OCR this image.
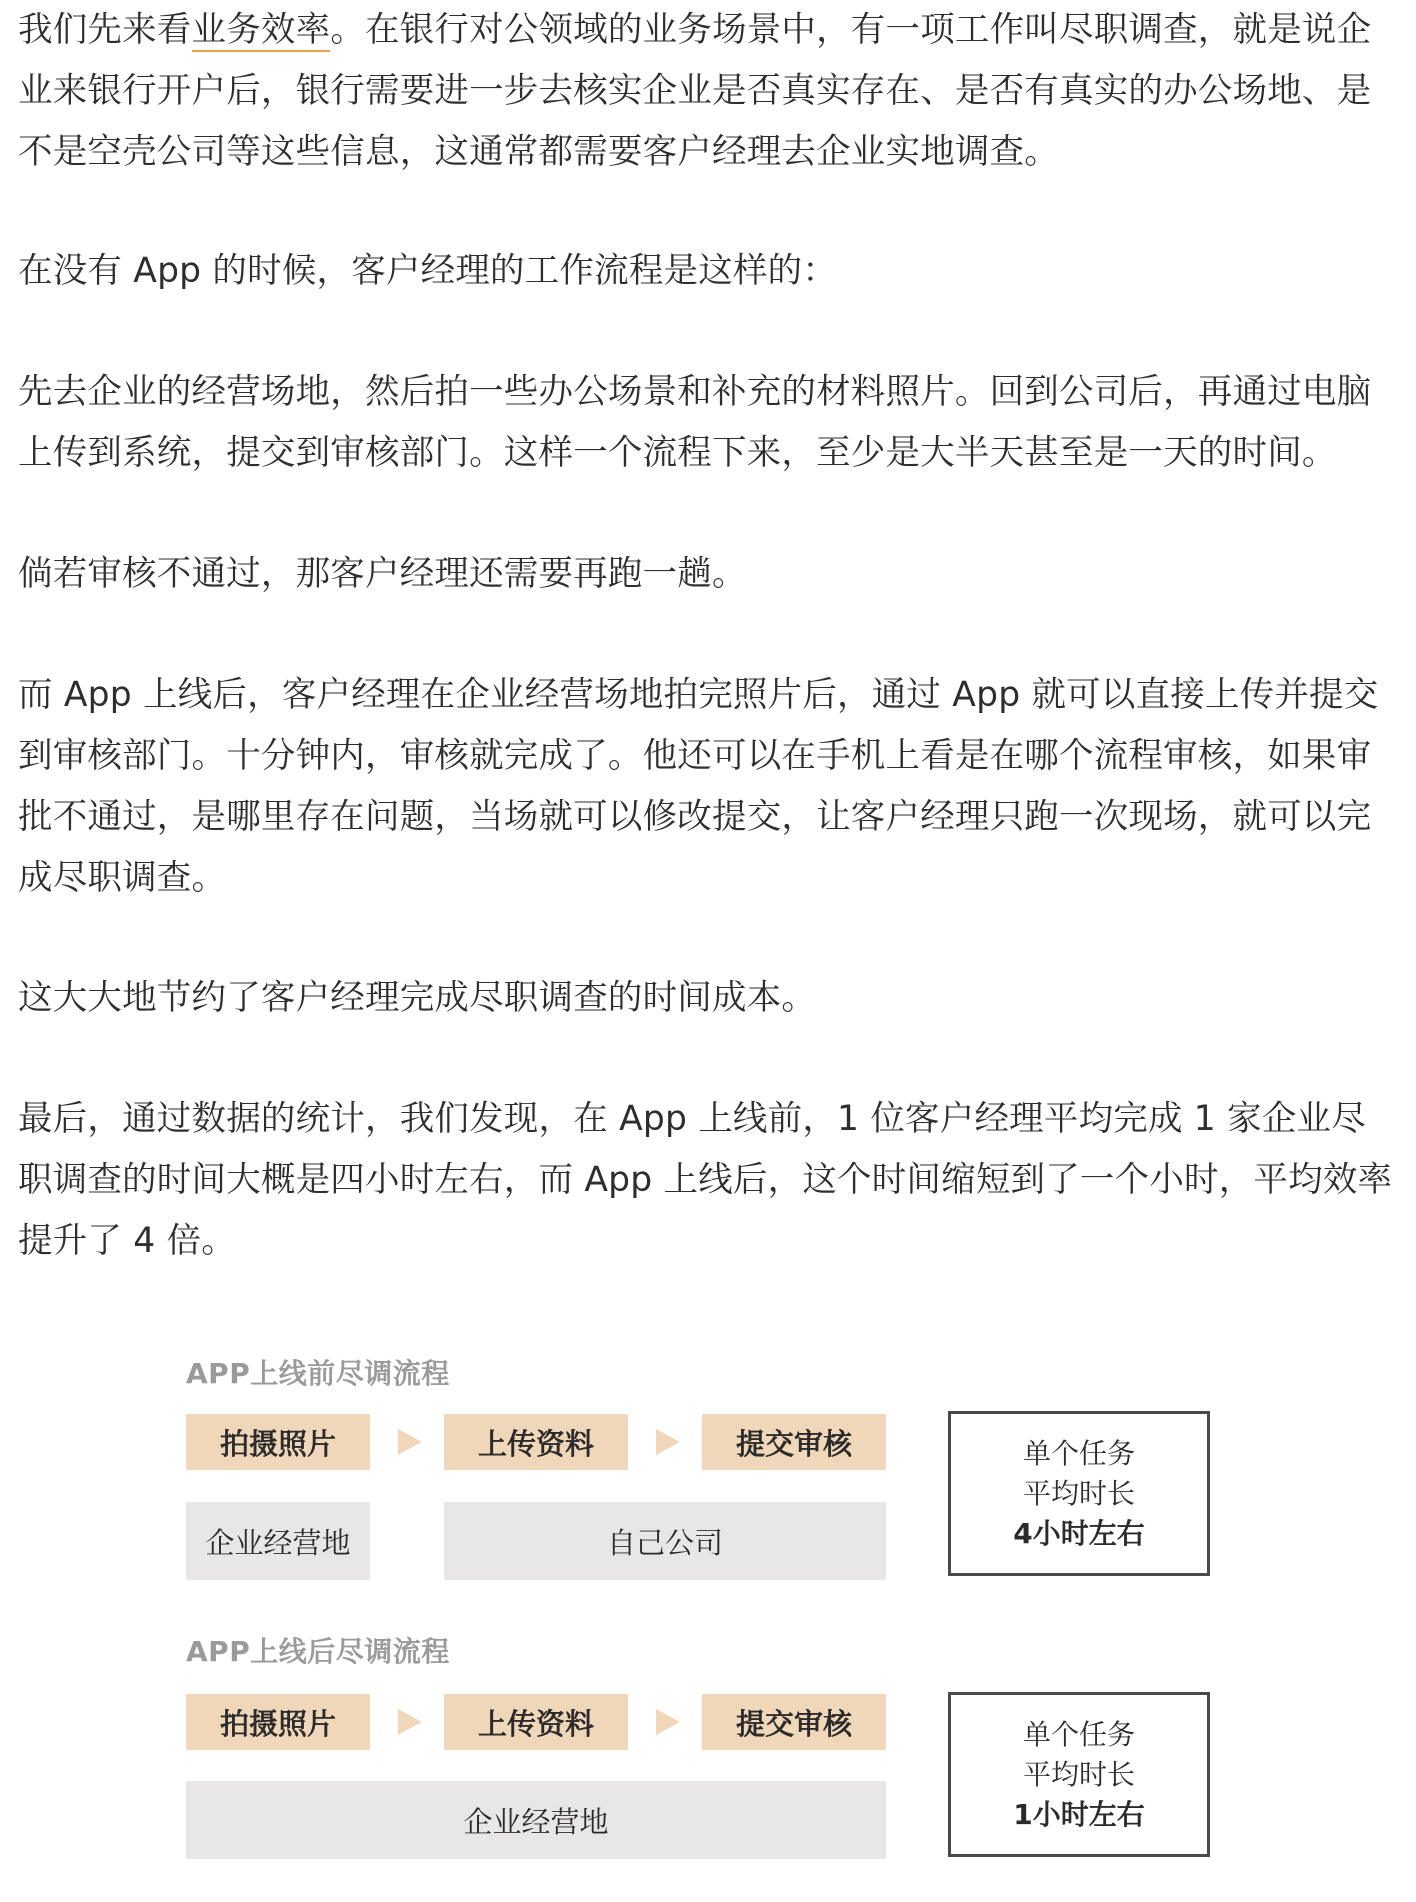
我们先来看业务效率。在银行对公领域的业务场景中，有一项工作叫尽职调查，就是说企业来银行开户后，银行需要进一步去核实企业是否真实存在、是否有真实的办公场地、是不是空壳公司等这些信息，这通常都需要客户经理去企业实地调查。

在没有 App 的时候，客户经理的工作流程是这样的：

先去企业的经营场地，然后拍一些办公场景和补充的材料照片。回到公司后，再通过电脑上传到系统，提交到审核部门。这样一个流程下来，至少是大半天甚至是一天的时间。

倘若审核不通过，那客户经理还需要再跑一趟。

而 App 上线后，客户经理在企业经营场地拍完照片后，通过 App 就可以直接上传并提交到审核部门。十分钟内，审核就完成了。他还可以在手机上看是在哪个流程审核，如果审批不通过，是哪里存在问题，当场就可以修改提交，让客户经理只跑一次现场，就可以完成尽职调查。

这大大地节约了客户经理完成尽职调查的时间成本。

最后，通过数据的统计，我们发现，在 App 上线前，1 位客户经理平均完成 1 家企业尽职调查的时间大概是四小时左右，而 App 上线后，这个时间缩短到了一个小时，平均效率提升了 4 倍。

APP上线前尽调流程
拍摄照片	上传资料	提交审核
企业经营地	自己公司
单个任务
平均时长
4小时左右
APP上线后尽调流程
拍摄照片	上传资料	提交审核
企业经营地
单个任务
平均时长
1小时左右
